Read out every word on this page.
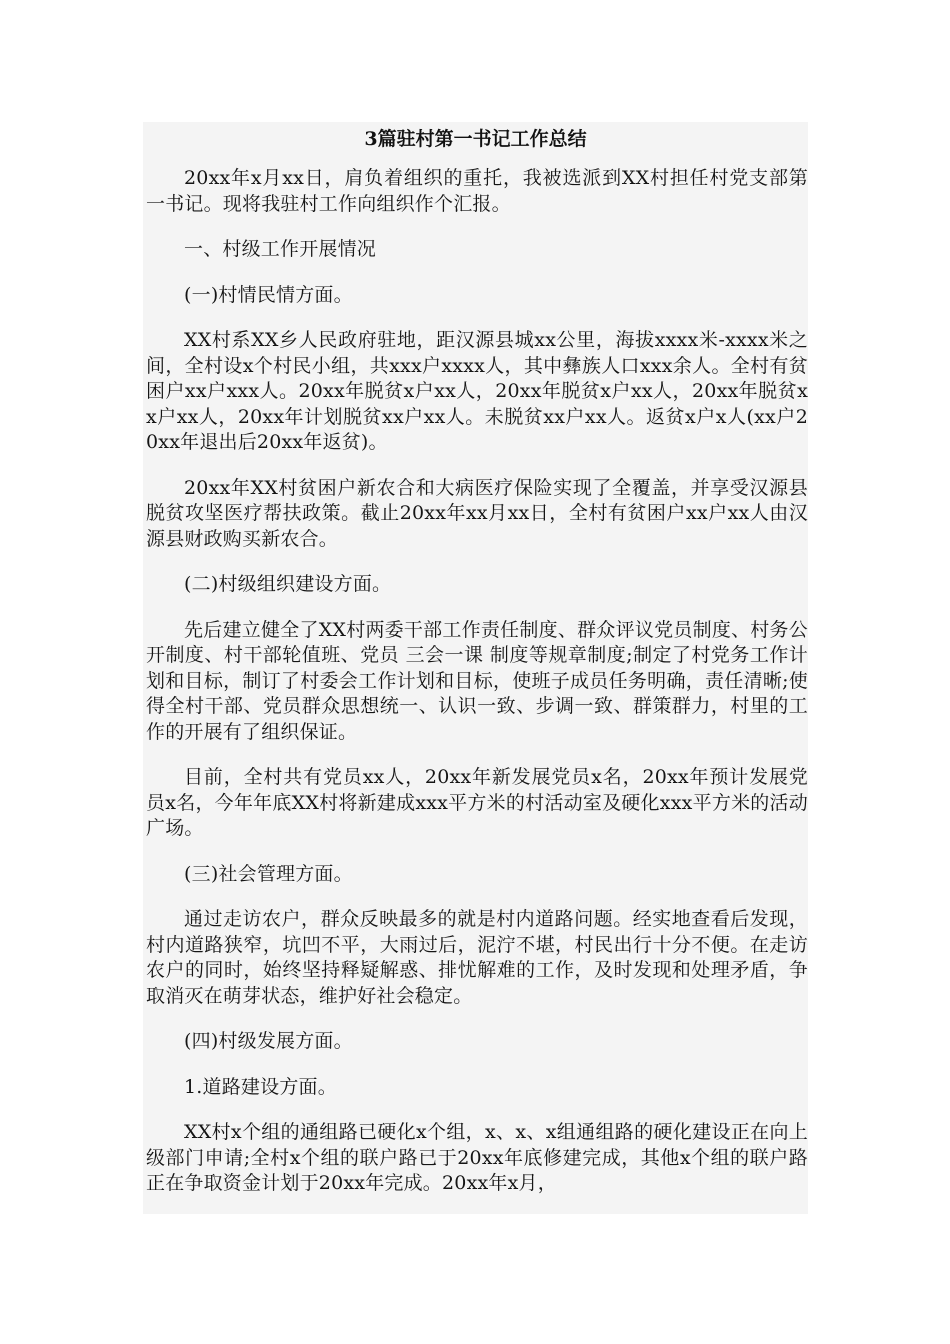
3篇驻村第一书记工作总结

20xx年x月xx日，肩负着组织的重托，我被选派到XX村担任村党支部第一书记。现将我驻村工作向组织作个汇报。

一、村级工作开展情况

(一)村情民情方面。

XX村系XX乡人民政府驻地，距汉源县城xx公里，海拔xxxx米-xxxx米之间，全村设x个村民小组，共xxx户xxxx人，其中彝族人口xxx余人。全村有贫困户xx户xxx人。20xx年脱贫x户xx人，20xx年脱贫x户xx人，20xx年脱贫xx户xx人，20xx年计划脱贫xx户xx人。未脱贫xx户xx人。返贫x户x人(xx户20xx年退出后20xx年返贫)。

20xx年XX村贫困户新农合和大病医疗保险实现了全覆盖，并享受汉源县脱贫攻坚医疗帮扶政策。截止20xx年xx月xx日，全村有贫困户xx户xx人由汉源县财政购买新农合。

(二)村级组织建设方面。

先后建立健全了XX村两委干部工作责任制度、群众评议党员制度、村务公开制度、村干部轮值班、党员 三会一课 制度等规章制度;制定了村党务工作计划和目标，制订了村委会工作计划和目标，使班子成员任务明确，责任清晰;使得全村干部、党员群众思想统一、认识一致、步调一致、群策群力，村里的工作的开展有了组织保证。

目前，全村共有党员xx人，20xx年新发展党员x名，20xx年预计发展党员x名，今年年底XX村将新建成xxx平方米的村活动室及硬化xxx平方米的活动广场。

(三)社会管理方面。

通过走访农户，群众反映最多的就是村内道路问题。经实地查看后发现，村内道路狭窄，坑凹不平，大雨过后，泥泞不堪，村民出行十分不便。在走访农户的同时，始终坚持释疑解惑、排忧解难的工作，及时发现和处理矛盾，争取消灭在萌芽状态，维护好社会稳定。

(四)村级发展方面。

1.道路建设方面。

XX村x个组的通组路已硬化x个组，x、x、x组通组路的硬化建设正在向上级部门申请;全村x个组的联户路已于20xx年底修建完成，其他x个组的联户路正在争取资金计划于20xx年完成。20xx年x月，
